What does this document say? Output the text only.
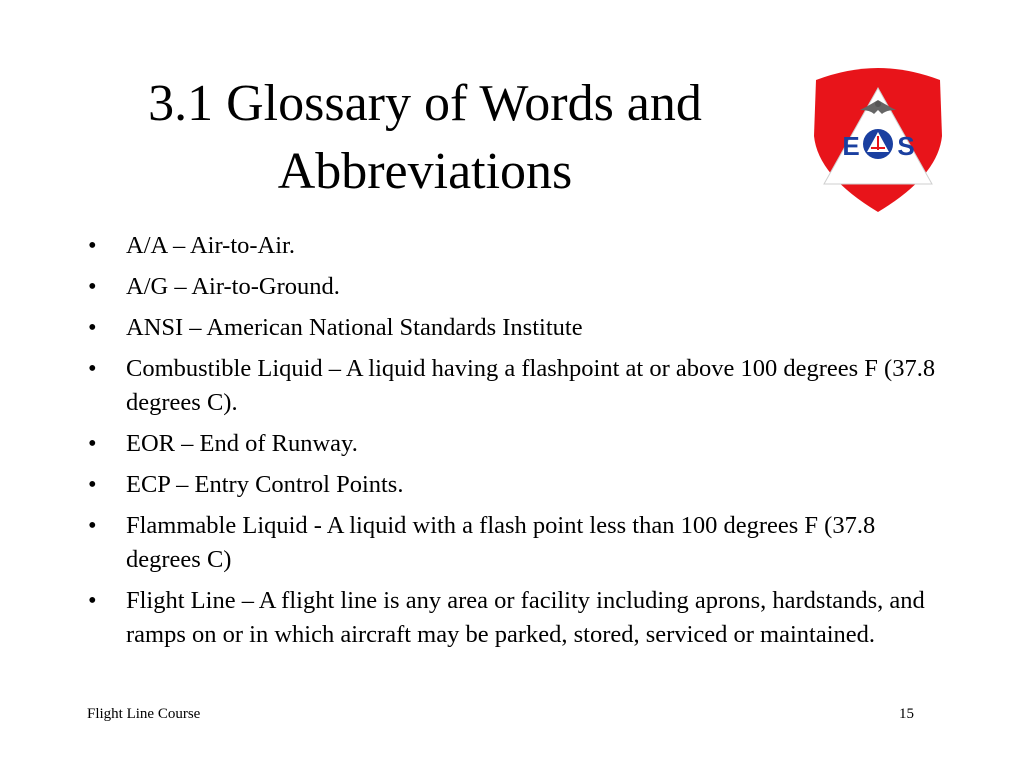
3.1 Glossary of Words and
Abbreviations	E S
• A/A – Air-to-Air.
• A/G – Air-to-Ground.
• ANSI – American National Standards Institute
• Combustible Liquid – A liquid having a flashpoint at or above 100 degrees F (37.8 degrees C).
• EOR – End of Runway.
• ECP – Entry Control Points.
• Flammable Liquid - A liquid with a flash point less than 100 degrees F (37.8 degrees C)
• Flight Line – A flight line is any area or facility including aprons, hardstands, and ramps on or in which aircraft may be parked, stored, serviced or maintained.
Flight Line Course	15
